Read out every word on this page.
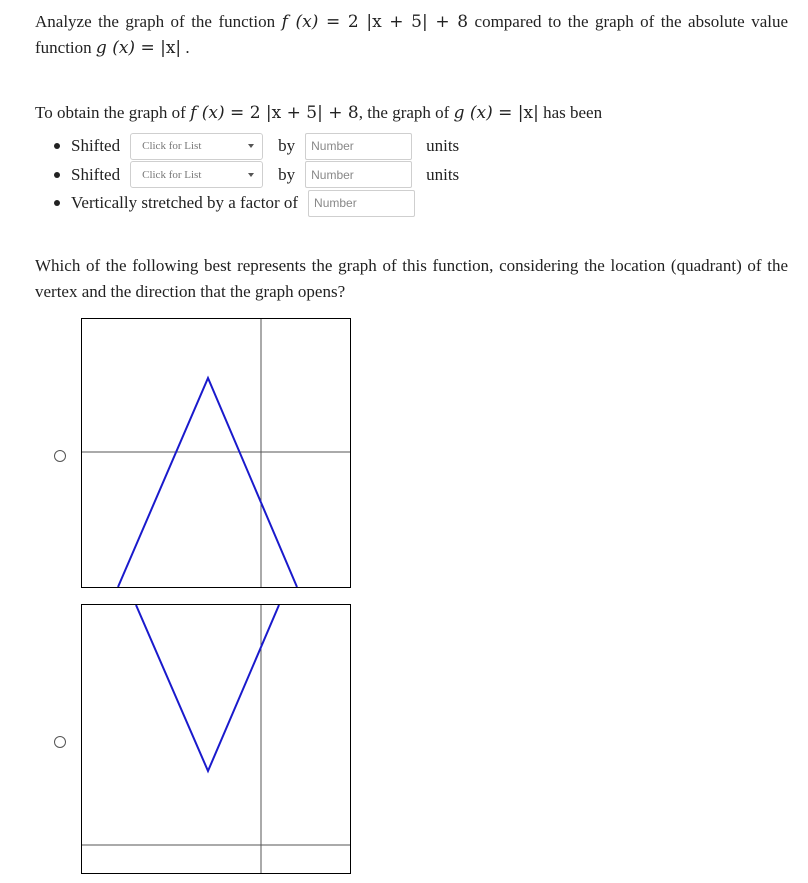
Analyze the graph of the function f (x) = 2 |x + 5| + 8 compared to the graph of the absolute value function g (x) = |x| .
To obtain the graph of f (x) = 2 |x + 5| + 8, the graph of g (x) = |x| has been
Shifted Click for List	by
Number	units
Shifted Click for List	by
Number	units
Vertically stretched by a factor of
Number
Which of the following best represents the graph of this function, considering the location (quadrant) of the vertex and the direction that the graph opens?
